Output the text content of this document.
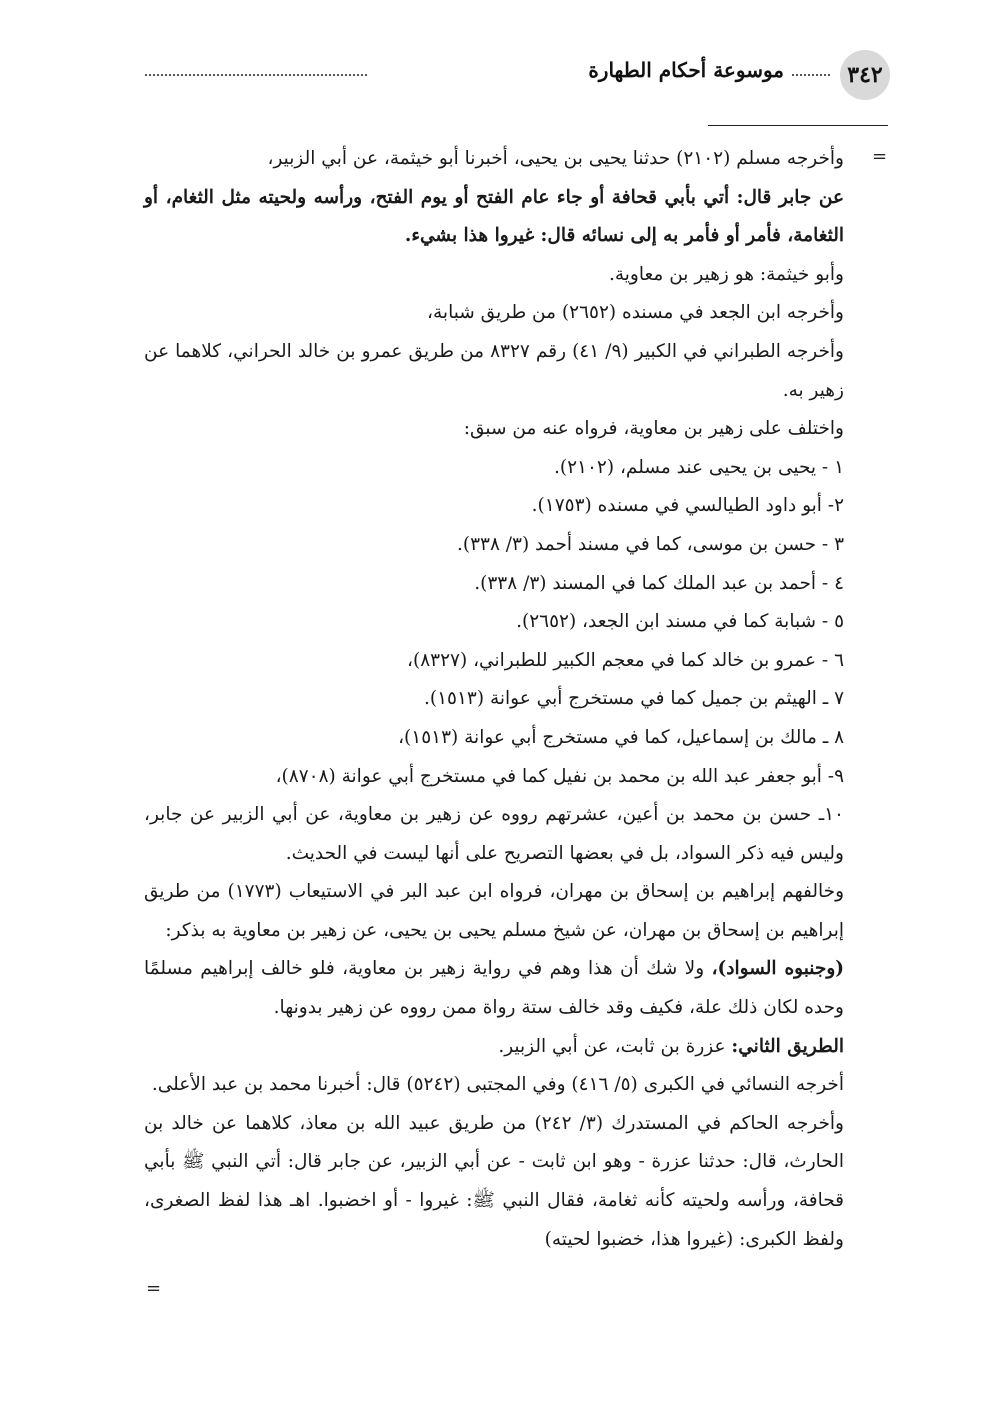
٣٤٢
موسوعة أحكام الطهارة
=
=

وأخرجه مسلم (٢١٠٢) حدثنا يحيى بن يحيى، أخبرنا أبو خيثمة، عن أبي الزبير،

عن جابر قال: أتي بأبي قحافة أو جاء عام الفتح أو يوم الفتح، ورأسه ولحيته مثل الثغام، أو الثغامة، فأمر أو فأمر به إلى نسائه قال: غيروا هذا بشيء.

وأبو خيثمة: هو زهير بن معاوية.

وأخرجه ابن الجعد في مسنده (٢٦٥٢) من طريق شبابة،

وأخرجه الطبراني في الكبير (٩/ ٤١) رقم ٨٣٢٧ من طريق عمرو بن خالد الحراني، كلاهما عن زهير به.

واختلف على زهير بن معاوية، فرواه عنه من سبق:

١ - يحيى بن يحيى عند مسلم، (٢١٠٢).

٢- أبو داود الطيالسي في مسنده (١٧٥٣).

٣ - حسن بن موسى، كما في مسند أحمد (٣/ ٣٣٨).

٤ - أحمد بن عبد الملك كما في المسند (٣/ ٣٣٨).

٥ - شبابة كما في مسند ابن الجعد، (٢٦٥٢).

٦ - عمرو بن خالد كما في معجم الكبير للطبراني، (٨٣٢٧)،

٧ ـ الهيثم بن جميل كما في مستخرج أبي عوانة (١٥١٣).

٨ ـ مالك بن إسماعيل، كما في مستخرج أبي عوانة (١٥١٣)،

٩- أبو جعفر عبد الله بن محمد بن نفيل كما في مستخرج أبي عوانة (٨٧٠٨)،

١٠ـ حسن بن محمد بن أعين، عشرتهم رووه عن زهير بن معاوية، عن أبي الزبير عن جابر، وليس فيه ذكر السواد، بل في بعضها التصريح على أنها ليست في الحديث.

وخالفهم إبراهيم بن إسحاق بن مهران، فرواه ابن عبد البر في الاستيعاب (١٧٧٣) من طريق إبراهيم بن إسحاق بن مهران، عن شيخ مسلم يحيى بن يحيى، عن زهير بن معاوية به بذكر:

(وجنبوه السواد)، ولا شك أن هذا وهم في رواية زهير بن معاوية، فلو خالف إبراهيم مسلمًا وحده لكان ذلك علة، فكيف وقد خالف ستة رواة ممن رووه عن زهير بدونها.

الطريق الثاني: عزرة بن ثابت، عن أبي الزبير.

أخرجه النسائي في الكبرى (٥/ ٤١٦) وفي المجتبى (٥٢٤٢) قال: أخبرنا محمد بن عبد الأعلى.

وأخرجه الحاكم في المستدرك (٣/ ٢٤٢) من طريق عبيد الله بن معاذ، كلاهما عن خالد بن الحارث، قال: حدثنا عزرة - وهو ابن ثابت - عن أبي الزبير، عن جابر قال: أتي النبي ﷺ بأبي قحافة، ورأسه ولحيته كأنه ثغامة، فقال النبي ﷺ: غيروا - أو اخضبوا. اهـ هذا لفظ الصغرى، ولفظ الكبرى: (غيروا هذا، خضبوا لحيته)
